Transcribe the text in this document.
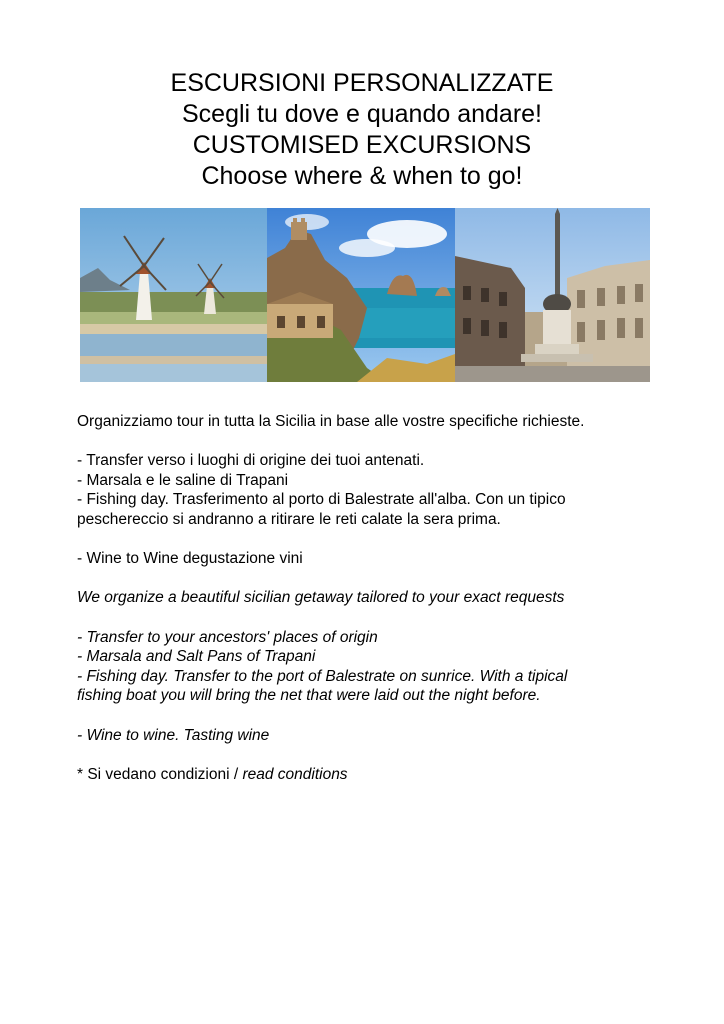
ESCURSIONI PERSONALIZZATE
Scegli tu dove e quando andare!
CUSTOMISED EXCURSIONS
Choose where & when to go!

Organizziamo tour in tutta la Sicilia in base alle vostre specifiche richieste.

- Transfer verso i luoghi di origine dei tuoi antenati.

- Marsala e le saline di Trapani

- Fishing day. Trasferimento al porto di Balestrate all'alba. Con un tipico

peschereccio si andranno a ritirare le reti calate la sera prima.

- Wine to Wine degustazione vini

We organize a beautiful sicilian getaway tailored to your exact requests

- Transfer to your ancestors' places of origin

- Marsala and Salt Pans of Trapani

- Fishing day. Transfer to the port of Balestrate on sunrice. With a tipical

fishing boat you will bring the net that were laid out the night before.

- Wine to wine. Tasting wine

* Si vedano condizioni / read conditions
